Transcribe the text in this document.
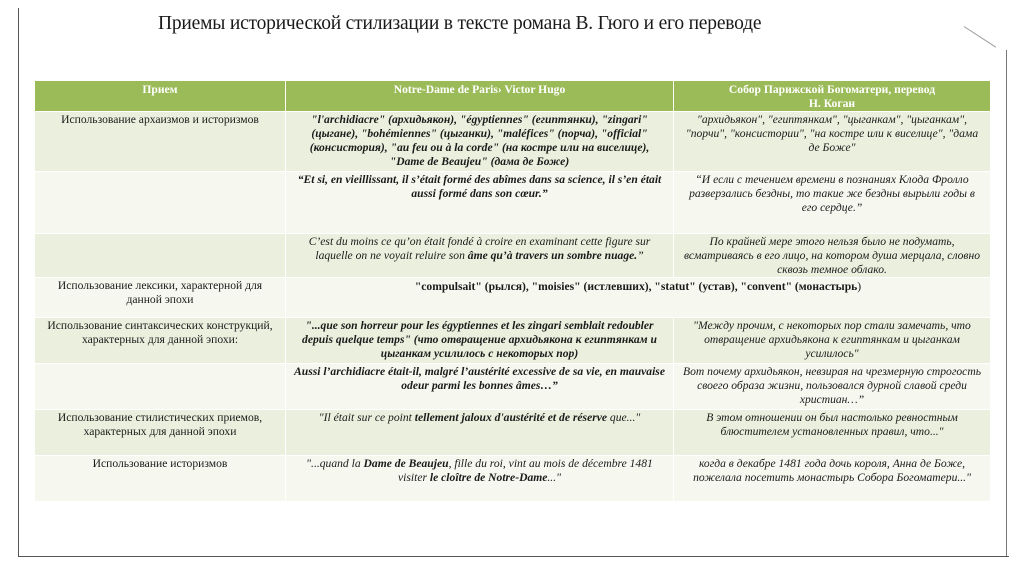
Приемы исторической стилизации в тексте романа В. Гюго и его переводе
Прием	Notre-Dame de Paris› Victor Hugo	Собор Парижской Богоматери, перевод
Н. Коган
Использование архаизмов и историзмов	"l'archidiacre" (архидьякон), "égyptiennes" (египтянки), "zingari" (цыгане), "bohémiennes" (цыганки), "maléfices" (порча), "official" (консистория), "au feu ou à la corde" (на костре или на виселице), "Dame de Beaujeu" (дама де Боже)	"архидьякон", "египтянкам", "цыганкам", "цыганкам", "порчи", "консистории", "на костре или к виселице", "дама де Боже"
	“Et si, en vieillissant, il s’était formé des abîmes dans sa science, il s’en était aussi formé dans son cœur.”	“И если с течением времени в познаниях Клода Фролло разверзались бездны, то такие же бездны вырыли годы в его сердце.”
	C’est du moins ce qu’on était fondé à croire en examinant cette figure sur laquelle on ne voyait reluire son âme qu’à travers un sombre nuage.”	По крайней мере этого нельзя было не подумать, всматриваясь в его лицо, на котором душа мерцала, словно сквозь темное облако.
Использование лексики, характерной для данной эпохи	"compulsait" (рылся), "moisies" (истлевших), "statut" (устав), "convent" (монастырь)	
Использование синтаксических конструкций, характерных для данной эпохи:	"...que son horreur pour les égyptiennes et les zingari semblait redoubler depuis quelque temps" (что отвращение архидьякона к египтянкам и цыганкам усилилось с некоторых пор)	"Между прочим, с некоторых пор стали замечать, что отвращение архидьякона к египтянкам и цыганкам усилилось"
	Aussi l’archidiacre était-il, malgré l’austérité excessive de sa vie, en mauvaise odeur parmi les bonnes âmes…”	Вот почему архидьякон, невзирая на чрезмерную строгость своего образа жизни, пользовался дурной славой среди христиан…”
Использование стилистических приемов, характерных для данной эпохи	"Il était sur ce point tellement jaloux d'austérité et de réserve que..."	В этом отношении он был настолько ревностным блюстителем установленных правил, что..."
Использование историзмов	"...quand la Dame de Beaujeu, fille du roi, vint au mois de décembre 1481 visiter le cloître de Notre-Dame..."	когда в декабре 1481 года дочь короля, Анна де Боже, пожелала посетить монастырь Собора Богоматери..."
